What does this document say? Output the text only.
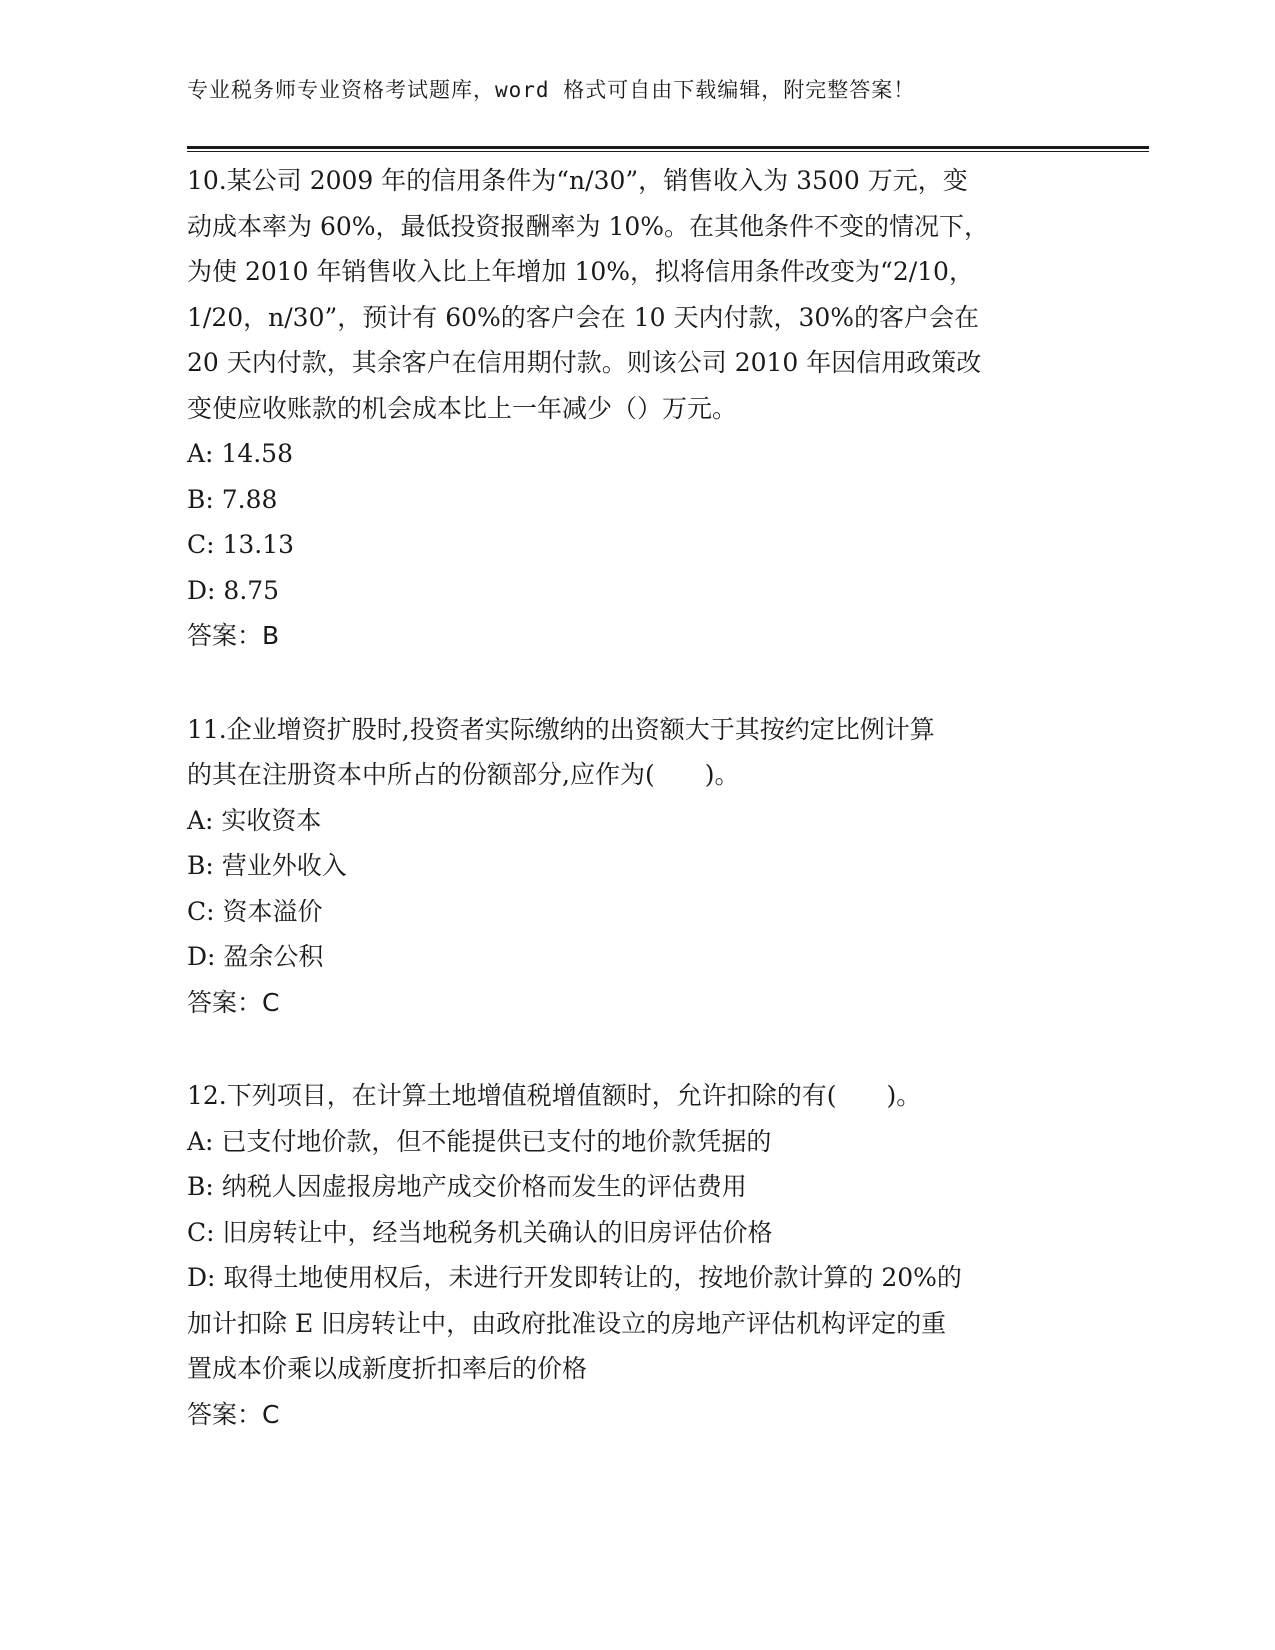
专业税务师专业资格考试题库，word 格式可自由下载编辑，附完整答案！
10.某公司 2009 年的信用条件为“n/30”，销售收入为 3500 万元，变
动成本率为 60%，最低投资报酬率为 10%。在其他条件不变的情况下，
为使 2010 年销售收入比上年增加 10%，拟将信用条件改变为“2/10，
1/20，n/30”，预计有 60%的客户会在 10 天内付款，30%的客户会在
20 天内付款，其余客户在信用期付款。则该公司 2010 年因信用政策改
变使应收账款的机会成本比上一年减少（）万元。
A: 14.58
B: 7.88
C: 13.13
D: 8.75
答案：B
11.企业增资扩股时,投资者实际缴纳的出资额大于其按约定比例计算
的其在注册资本中所占的份额部分,应作为(　　)。
A: 实收资本
B: 营业外收入
C: 资本溢价
D: 盈余公积
答案：C
12.下列项目，在计算土地增值税增值额时，允许扣除的有(　　)。
A: 已支付地价款，但不能提供已支付的地价款凭据的
B: 纳税人因虚报房地产成交价格而发生的评估费用
C: 旧房转让中，经当地税务机关确认的旧房评估价格
D: 取得土地使用权后，未进行开发即转让的，按地价款计算的 20%的
加计扣除 E 旧房转让中，由政府批准设立的房地产评估机构评定的重
置成本价乘以成新度折扣率后的价格
答案：C
